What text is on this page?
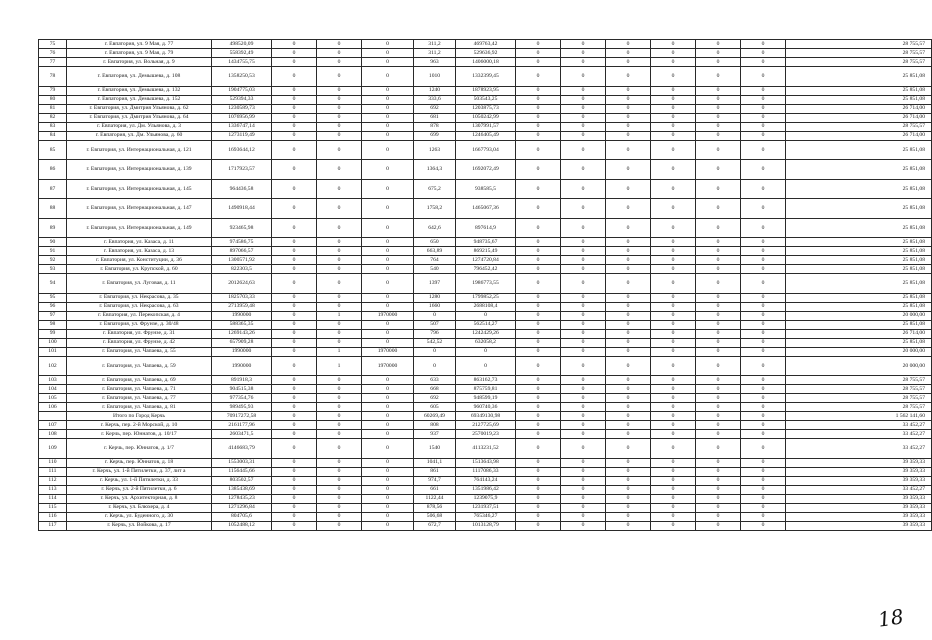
75	г. Евпатория, ул. 9 Мая, д. 77	498520,09	0	0	0	311,2	469763,42	0	0	0	0	0	0	28 755,57
76	г. Евпатория, ул. 9 Мая, д. 79	558392,49	0	0	0	311,2	529636,92	0	0	0	0	0	0	28 755,57
77	г. Евпатория, ул. Вольная, д. 9	1434755,75	0	0	0	963	1406000,18	0	0	0	0	0	0	28 755,57
78	г. Евпатория, ул. Демышева, д. 108	1358250,53	0	0	0	1010	1332399,45	0	0	0	0	0	0	25 851,08
79	г. Евпатория, ул. Демышева, д. 132	1904775,03	0	0	0	1240	1878923,95	0	0	0	0	0	0	25 851,08
80	г. Евпатория, ул. Демышева, д. 152	529394,33	0	0	0	333,6	503543,25	0	0	0	0	0	0	25 851,08
81	г. Евпатория, ул. Дмитрия Ульянова, д. 62	1230589,73	0	0	0	692	1203875,73	0	0	0	0	0	0	26 714,00
82	г. Евпатория, ул. Дмитрия Ульянова, д. 64	1076956,99	0	0	0	681	1050242,99	0	0	0	0	0	0	26 714,00
83	г. Евпатория, ул. Дм. Ульянова, д. 3	1336747,14	0	0	0	878	1307991,57	0	0	0	0	0	0	28 755,57
84	г. Евпатория, ул. Дм. Ульянова, д. 60	1273119,49	0	0	0	699	1246405,49	0	0	0	0	0	0	26 714,00
85	г. Евпатория, ул. Интернациональная, д. 121	1693644,12	0	0	0	1263	1667793,04	0	0	0	0	0	0	25 851,08
86	г. Евпатория, ул. Интернациональная, д. 139	1717923,57	0	0	0	1364,3	1692072,49	0	0	0	0	0	0	25 851,08
87	г. Евпатория, ул. Интернациональная, д. 145	964436,58	0	0	0	675,2	938585,5	0	0	0	0	0	0	25 851,08
88	г. Евпатория, ул. Интернациональная, д. 147	1490918,44	0	0	0	1758,2	1465067,36	0	0	0	0	0	0	25 851,08
89	г. Евпатория, ул. Интернациональная, д. 149	923465,98	0	0	0	642,6	897614,9	0	0	0	0	0	0	25 851,08
90	г. Евпатория, ул. Казаса, д. 11	974586,75	0	0	0	650	948735,67	0	0	0	0	0	0	25 851,08
91	г. Евпатория, ул. Казаса, д. 13	897066,57	0	0	0	663,89	869215,49	0	0	0	0	0	0	25 851,08
92	г. Евпатория, ул. Конституции, д. 36	1300571,92	0	0	0	764	1274720,84	0	0	0	0	0	0	25 851,08
93	г. Евпатория, ул. Крупской, д. 60	822303,5	0	0	0	540	796452,42	0	0	0	0	0	0	25 851,08
94	г. Евпатория, ул. Луговая, д. 11	2012624,63	0	0	0	1397	1986773,55	0	0	0	0	0	0	25 851,08
95	г. Евпатория, ул. Некрасова, д. 35	1825703,33	0	0	0	1280	1799852,25	0	0	0	0	0	0	25 851,08
96	г. Евпатория, ул. Некрасова, д. 63	2713959,48	0	0	0	1660	2688108,4	0	0	0	0	0	0	25 851,08
97	г. Евпатория, ул. Перекопская, д. 4	1990000	0	1	1970000	0	0	0	0	0	0	0	0	20 000,00
98	г. Евпатория, ул. Фрунзе, д. 30/48	588365,35	0	0	0	507	562514,27	0	0	0	0	0	0	25 851,08
99	г. Евпатория, ул. Фрунзе, д. 31	1269143,26	0	0	0	796	1242429,26	0	0	0	0	0	0	26 714,00
100	г. Евпатория, ул. Фрунзе, д. 42	657909,28	0	0	0	542,52	632058,2	0	0	0	0	0	0	25 851,08
101	г. Евпатория, ул. Чапаева, д. 55	1990000	0	1	1970000	0	0	0	0	0	0	0	0	20 000,00
102	г. Евпатория, ул. Чапаева, д. 59	1990000	0	1	1970000	0	0	0	0	0	0	0	0	20 000,00
103	г. Евпатория, ул. Чапаева, д. 69	891918,3	0	0	0	633	863162,73	0	0	0	0	0	0	28 755,57
104	г. Евпатория, ул. Чапаева, д. 71	904515,38	0	0	0	668	875759,81	0	0	0	0	0	0	28 755,57
105	г. Евпатория, ул. Чапаева, д. 77	977354,76	0	0	0	692	948599,19	0	0	0	0	0	0	28 755,57
106	г. Евпатория, ул. Чапаева, д. 81	989495,93	0	0	0	605	960740,36	0	0	0	0	0	0	28 755,57
	Итого по Город Керчь	70917272,58	0	0	0	60269,49	69349130,98	0	0	0	0	0	0	1 562 141,60
107	г. Керчь, пер. 2-й Морской, д. 10	2161177,96	0	0	0	808	2127725,69	0	0	0	0	0	0	33 452,27
108	г. Керчь, пер. Юннатов, д. 10/17	2603471,5	0	0	0	937	2570019,23	0	0	0	0	0	0	33 452,27
109	г. Керчь, пер. Юннатов, д. 1/7	4146683,79	0	0	0	1540	4113231,52	0	0	0	0	0	0	33 452,27
110	г. Керчь, пер. Юннатов, д. 18	1553003,31	0	0	0	1041,1	1513643,98	0	0	0	0	0	0	39 359,33
111	г. Керчь, ул. 1-й Пятилетки, д. 37, лит а	1156445,66	0	0	0	861	1117086,33	0	0	0	0	0	0	39 359,33
112	г. Керчь, ул. 1-й Пятилетки, д. 33	803502,57	0	0	0	974,7	764143,24	0	0	0	0	0	0	39 359,33
113	г. Керчь, ул. 2-й Пятилетки, д. 6	1385438,69	0	0	0	661	1351986,42	0	0	0	0	0	0	33 452,27
114	г. Керчь, ул. Архитекторная, д. 8	1278435,23	0	0	0	1122,44	1239075,9	0	0	0	0	0	0	39 359,33
115	г. Керчь, ул. Блюхера, д. 4	1271296,84	0	0	0	878,56	1231937,51	0	0	0	0	0	0	39 359,33
116	г. Керчь, ул. Буденного, д. 30	804705,6	0	0	0	506,68	765346,27	0	0	0	0	0	0	39 359,33
117	г. Керчь, ул. Войкова, д. 17	1052488,12	0	0	0	672,7	1013128,79	0	0	0	0	0	0	39 359,33
18
